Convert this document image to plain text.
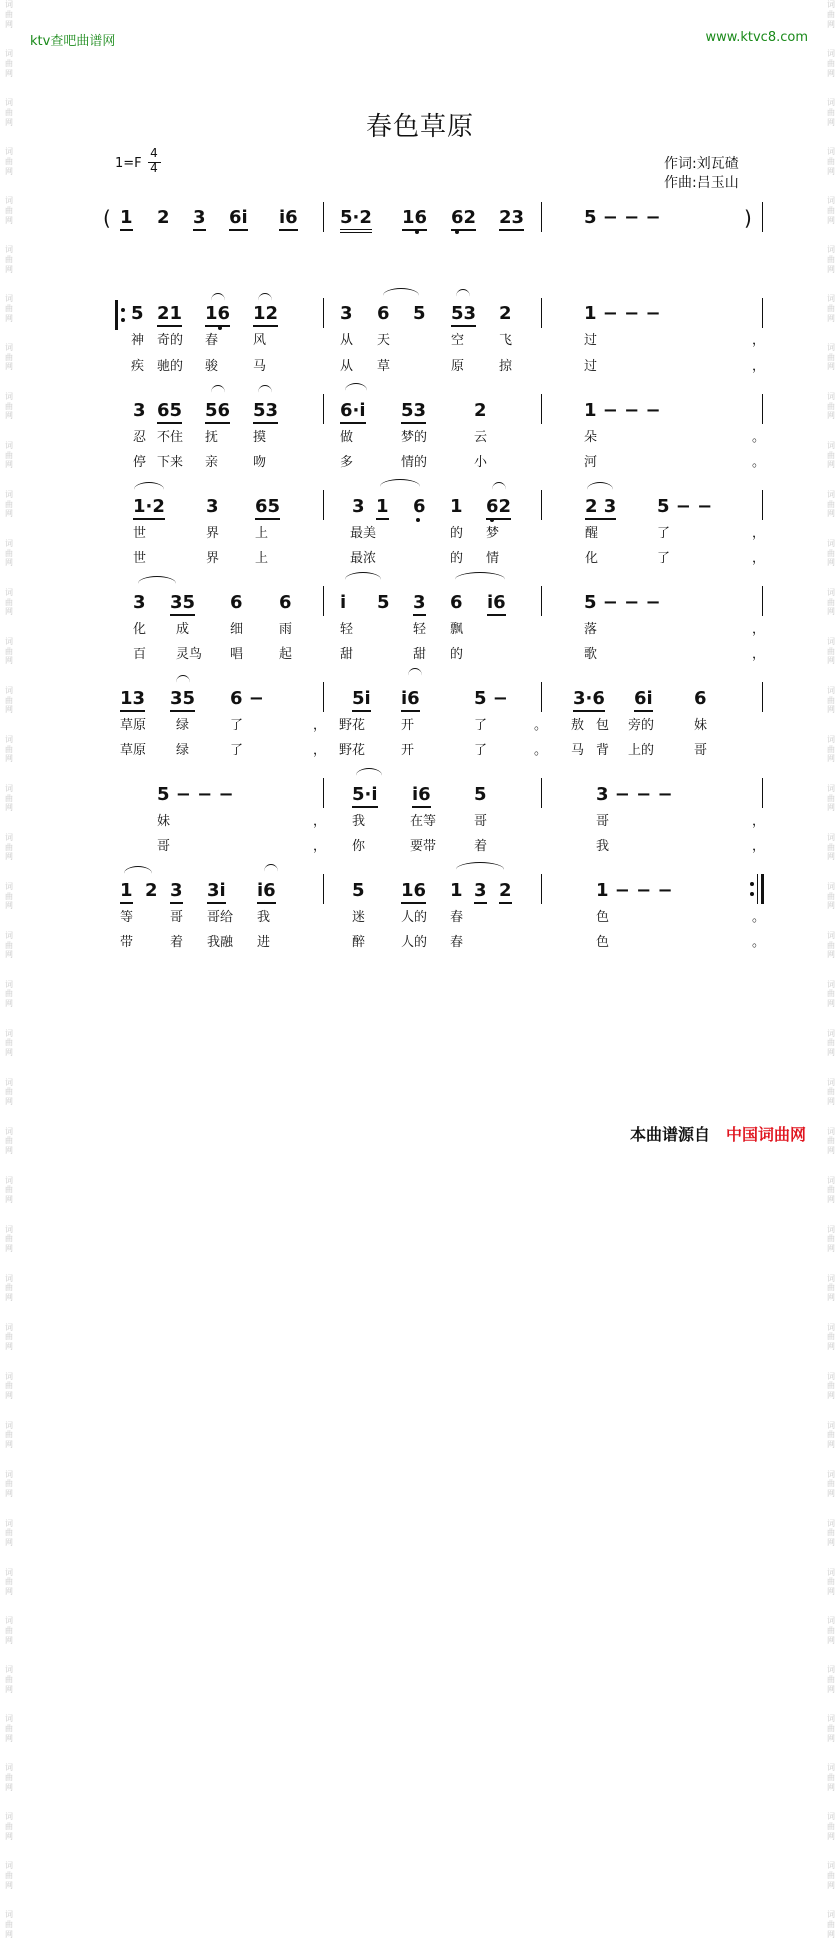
词
曲
网

词
曲
网

词
曲
网

词
曲
网

词
曲
网

词
曲
网

词
曲
网

词
曲
网

词
曲
网

词
曲
网

词
曲
网

词
曲
网

词
曲
网

词
曲
网

词
曲
网

词
曲
网

词
曲
网

词
曲
网

词
曲
网

词
曲
网

词
曲
网

词
曲
网

词
曲
网

词
曲
网

词
曲
网

词
曲
网

词
曲
网

词
曲
网

词
曲
网

词
曲
网

词
曲
网

词
曲
网

词
曲
网

词
曲
网

词
曲
网

词
曲
网

词
曲
网

词
曲
网

词
曲
网

词
曲
网

词
曲
网

词
曲
网

词
曲
网

词
曲
网

词
曲
网

词
曲
网

词
曲
网

词
曲
网

词
曲
网

词
曲
网

词
曲
网

词
曲
网

词
曲
网

词
曲
网

词
曲
网

词
曲
网

词
曲
网

词
曲
网

词
曲
网

词
曲
网

词
曲
网

词
曲
网

词
曲
网

词
曲
网

词
曲
网

词
曲
网

词
曲
网

词
曲
网

词
曲
网

词
曲
网

词
曲
网

词
曲
网

词
曲
网

词
曲
网

词
曲
网

词
曲
网

词
曲
网

词
曲
网

词
曲
网

词
曲
网

ktv查吧曲谱网	www.ktvc8.com
春色草原
1=F
4
4	作词:刘瓦碴
作曲:吕玉山
( 1 2 3 6i i6 5·2 16 62 23	5 − − −	)
5 21 16 12	3 6 5 53 2	1 − − −
神 奇的 春	风	从 天	空	飞	过	，
疾 驰的 骏	马	从 草	原	掠	过	，
3 65 56 53	6·i 53	2	1 − − −
忍 不住 抚	摸	做	梦的	云	朵	。
停 下来 亲	吻	多	情的	小	河	。
1·2 3 65	3 1 6 1 62	2 3 5 − −
世	界	上	最美	的 梦	醒	了	，
世	界	上	最浓	的 情	化	了	，
3 35 6 6	i 5 3 6 i6	5 − − −
化 成	细	雨	轻	轻 飘	落	，
百 灵鸟 唱	起	甜	甜 的	歌	，
13 35 6 −	5i i6	5 −	3·6 6i 6
草原 绿	了	， 野花	开	了	。 敖 包 旁的	妹
草原 绿	了	， 野花	开	了	。 马 背 上的	哥
5 − − −	5·i i6 5	3 − − −
妹	， 我	在等	哥	哥	，
哥	， 你	要带	着	我	，
1 2 3 3i i6	5 16 1 3 2	1 − − −
等	哥 哥给 我	迷	人的 春	色	。
带	着 我融 进	醉	人的 春	色	。
本曲谱源自 中国词曲网
